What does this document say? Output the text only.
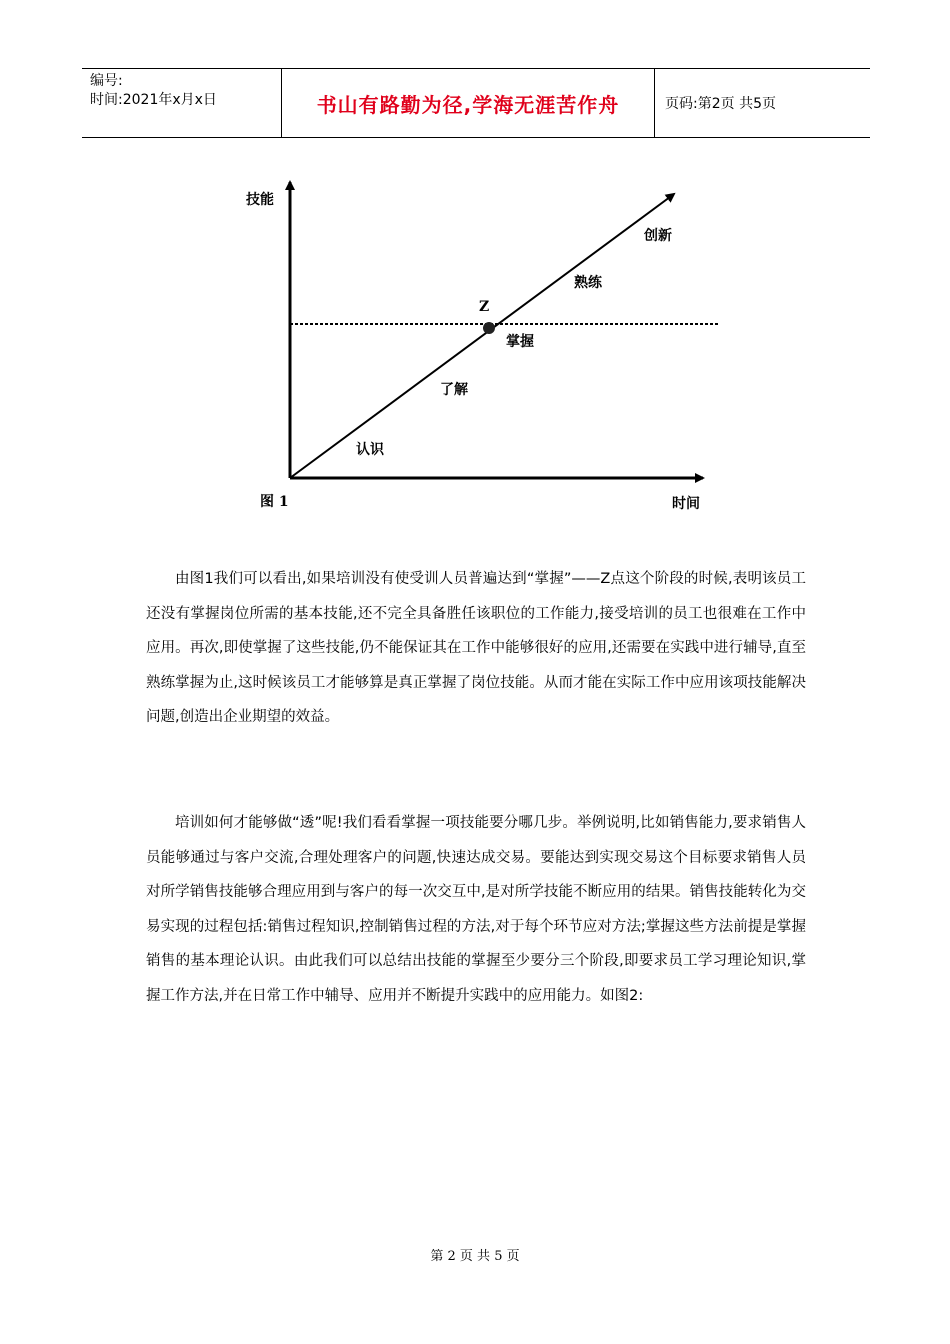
编号:
时间:2021年x月x日	书山有路勤为径,学海无涯苦作舟	页码:第2页 共5页
技能
时间
图 1
Z
认识
了解
掌握
熟练
创新

由图1我们可以看出,如果培训没有使受训人员普遍达到“掌握”——Z点这个阶段的时候,表明该员工还没有掌握岗位所需的基本技能,还不完全具备胜任该职位的工作能力,接受培训的员工也很难在工作中应用。再次,即使掌握了这些技能,仍不能保证其在工作中能够很好的应用,还需要在实践中进行辅导,直至熟练掌握为止,这时候该员工才能够算是真正掌握了岗位技能。从而才能在实际工作中应用该项技能解决问题,创造出企业期望的效益。

培训如何才能够做“透”呢!我们看看掌握一项技能要分哪几步。举例说明,比如销售能力,要求销售人员能够通过与客户交流,合理处理客户的问题,快速达成交易。要能达到实现交易这个目标要求销售人员对所学销售技能够合理应用到与客户的每一次交互中,是对所学技能不断应用的结果。销售技能转化为交易实现的过程包括:销售过程知识,控制销售过程的方法,对于每个环节应对方法;掌握这些方法前提是掌握销售的基本理论认识。由此我们可以总结出技能的掌握至少要分三个阶段,即要求员工学习理论知识,掌握工作方法,并在日常工作中辅导、应用并不断提升实践中的应用能力。如图2:

第 2 页 共 5 页
